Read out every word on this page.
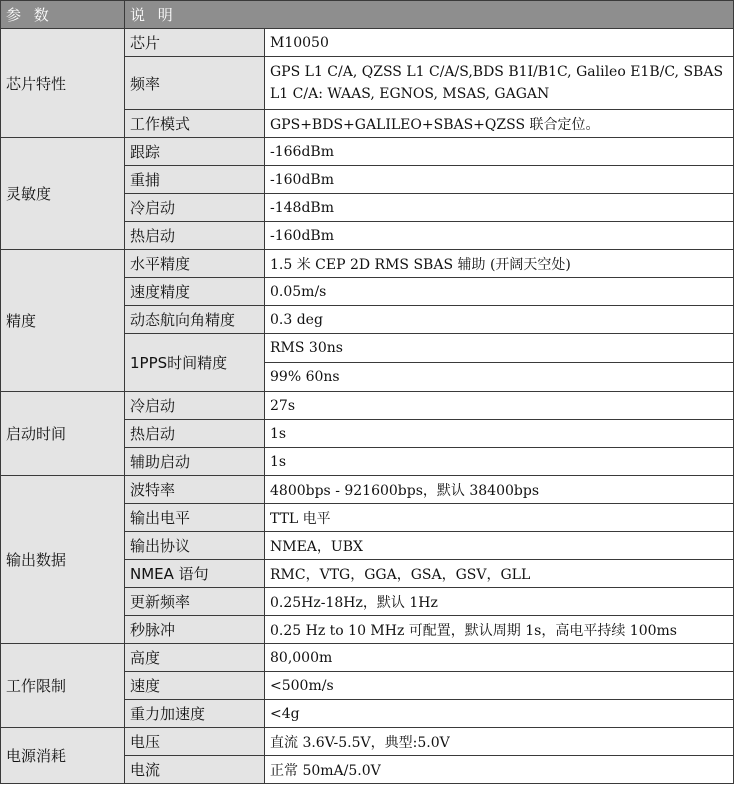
参 数	说 明	
芯片特性	芯片	M10050
	频率	GPS L1 C/A, QZSS L1 C/A/S,BDS B1I/B1C, Galileo E1B/C, SBAS L1 C/A: WAAS, EGNOS, MSAS, GAGAN
	工作模式	GPS+BDS+GALILEO+SBAS+QZSS 联合定位。

灵敏度	跟踪	-166dBm
	重捕	-160dBm
	冷启动	-148dBm
	热启动	-160dBm
精度	水平精度	1.5 米 CEP 2D RMS SBAS 辅助 (开阔天空处)
	速度精度	0.05m/s
	动态航向角精度	0.3 deg
	1PPS时间精度	RMS 30ns
		99% 60ns
启动时间	冷启动	27s
	热启动	1s
	辅助启动	1s
输出数据	波特率	4800bps - 921600bps，默认 38400bps
	输出电平	TTL 电平
	输出协议	NMEA，UBX
	NMEA 语句	RMC，VTG，GGA，GSA，GSV，GLL
	更新频率	0.25Hz-18Hz，默认 1Hz
	秒脉冲	0.25 Hz to 10 MHz 可配置，默认周期 1s，高电平持续 100ms
工作限制	高度	80,000m
	速度	<500m/s
	重力加速度	<4g
电源消耗	电压	直流 3.6V-5.5V，典型:5.0V
	电流	正常 50mA/5.0V
